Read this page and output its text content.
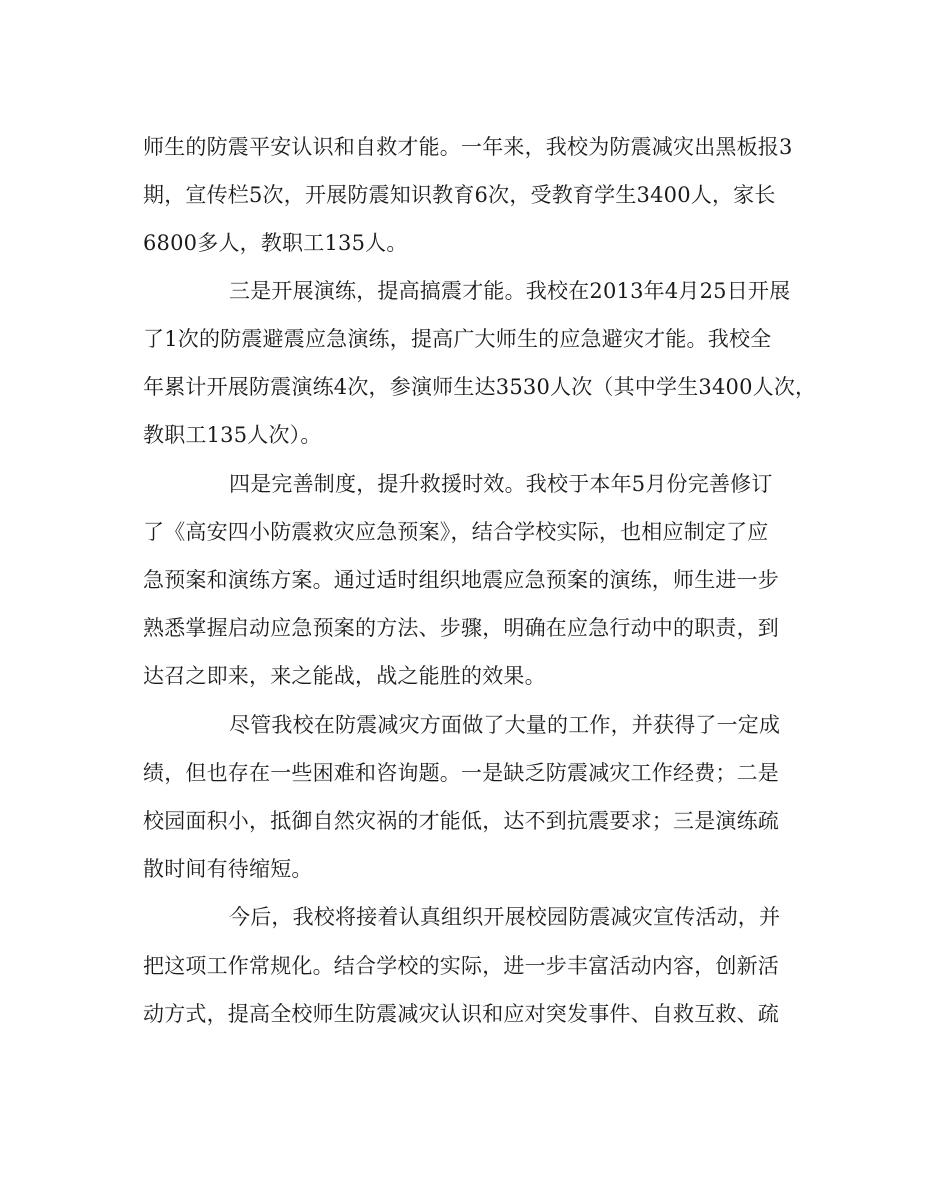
师生的防震平安认识和自救才能。一年来，我校为防震减灾出黑板报3
期，宣传栏5次，开展防震知识教育6次，受教育学生3400人，家长
6800多人，教职工135人。
三是开展演练，提高搞震才能。我校在2013年4月25日开展
了1次的防震避震应急演练，提高广大师生的应急避灾才能。我校全
年累计开展防震演练4次，参演师生达3530人次（其中学生3400人次，
教职工135人次）。
四是完善制度，提升救援时效。我校于本年5月份完善修订
了《高安四小防震救灾应急预案》，结合学校实际，也相应制定了应
急预案和演练方案。通过适时组织地震应急预案的演练，师生进一步
熟悉掌握启动应急预案的方法、步骤，明确在应急行动中的职责，到
达召之即来，来之能战，战之能胜的效果。
尽管我校在防震减灾方面做了大量的工作，并获得了一定成
绩，但也存在一些困难和咨询题。一是缺乏防震减灾工作经费；二是
校园面积小，抵御自然灾祸的才能低，达不到抗震要求；三是演练疏
散时间有待缩短。
今后，我校将接着认真组织开展校园防震减灾宣传活动，并
把这项工作常规化。结合学校的实际，进一步丰富活动内容，创新活
动方式，提高全校师生防震减灾认识和应对突发事件、自救互救、疏
